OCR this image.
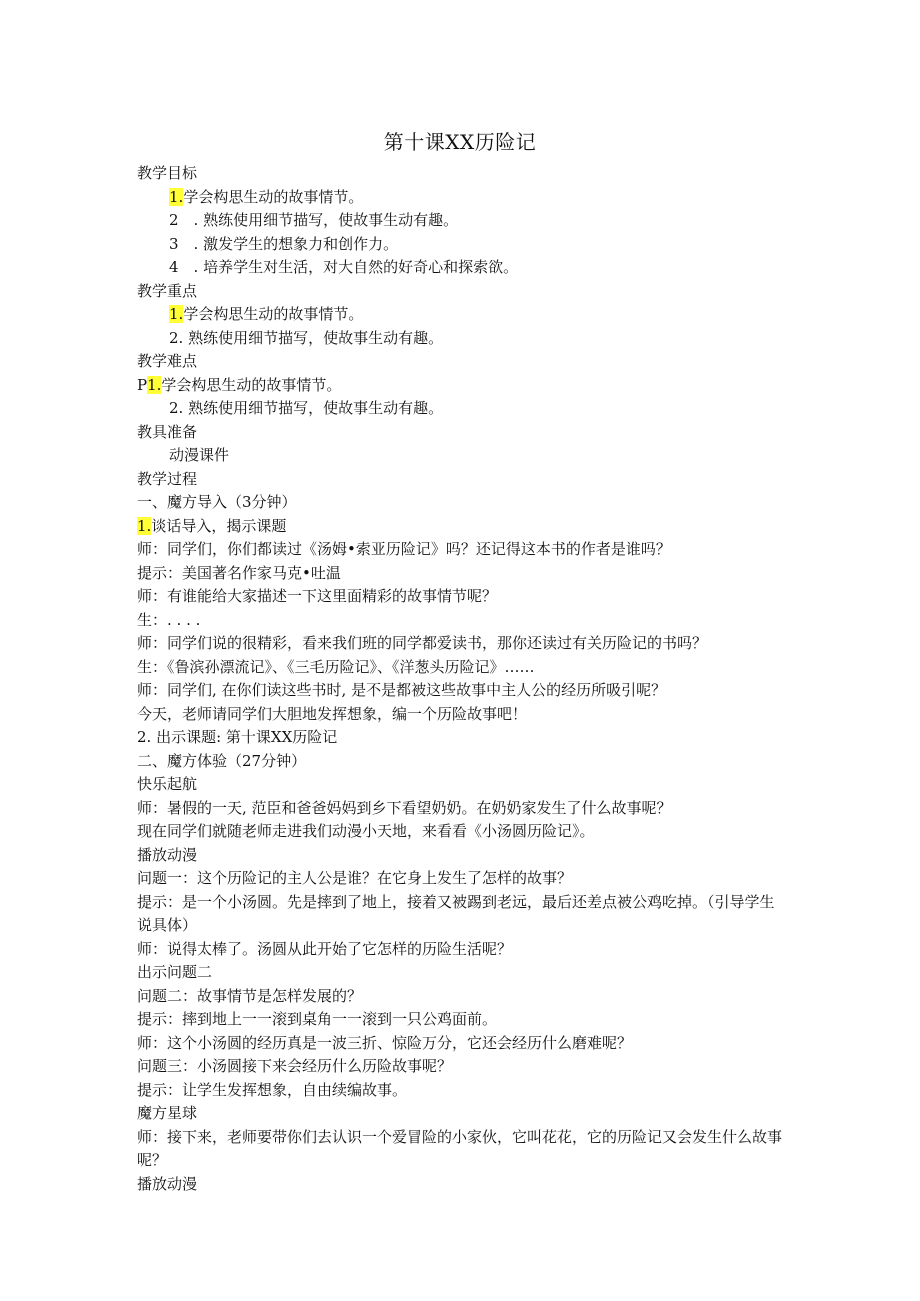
第十课XX历险记
教学目标
1.学会构思生动的故事情节。
2　. 熟练使用细节描写，使故事生动有趣。
3　. 激发学生的想象力和创作力。
4　. 培养学生对生活，对大自然的好奇心和探索欲。
教学重点
1.学会构思生动的故事情节。
2. 熟练使用细节描写，使故事生动有趣。
教学难点
P1.学会构思生动的故事情节。
2. 熟练使用细节描写，使故事生动有趣。
教具准备
动漫课件
教学过程
一、魔方导入（3分钟）
1.谈话导入，揭示课题
师：同学们，你们都读过《汤姆•索亚历险记》吗？还记得这本书的作者是谁吗？
提示：美国著名作家马克•吐温
师：有谁能给大家描述一下这里面精彩的故事情节呢？
生：. . . .
师：同学们说的很精彩，看来我们班的同学都爱读书，那你还读过有关历险记的书吗？
生：《鲁滨孙漂流记》、《三毛历险记》、《洋葱头历险记》……
师：同学们, 在你们读这些书时, 是不是都被这些故事中主人公的经历所吸引呢？
今天，老师请同学们大胆地发挥想象，编一个历险故事吧！
2. 出示课题: 第十课XX历险记
二、魔方体验（27分钟）
快乐起航
师：暑假的一天, 范臣和爸爸妈妈到乡下看望奶奶。在奶奶家发生了什么故事呢？
现在同学们就随老师走进我们动漫小天地，来看看《小汤圆历险记》。
播放动漫
问题一：这个历险记的主人公是谁？在它身上发生了怎样的故事？
提示：是一个小汤圆。先是摔到了地上，接着又被踢到老远，最后还差点被公鸡吃掉。（引导学生说具体）
师：说得太棒了。汤圆从此开始了它怎样的历险生活呢？
出示问题二
问题二：故事情节是怎样发展的？
提示：摔到地上一一滚到桌角一一滚到一只公鸡面前。
师：这个小汤圆的经历真是一波三折、惊险万分，它还会经历什么磨难呢？
问题三：小汤圆接下来会经历什么历险故事呢？
提示：让学生发挥想象，自由续编故事。
魔方星球
师：接下来，老师要带你们去认识一个爱冒险的小家伙，它叫花花，它的历险记又会发生什么故事呢？
播放动漫
